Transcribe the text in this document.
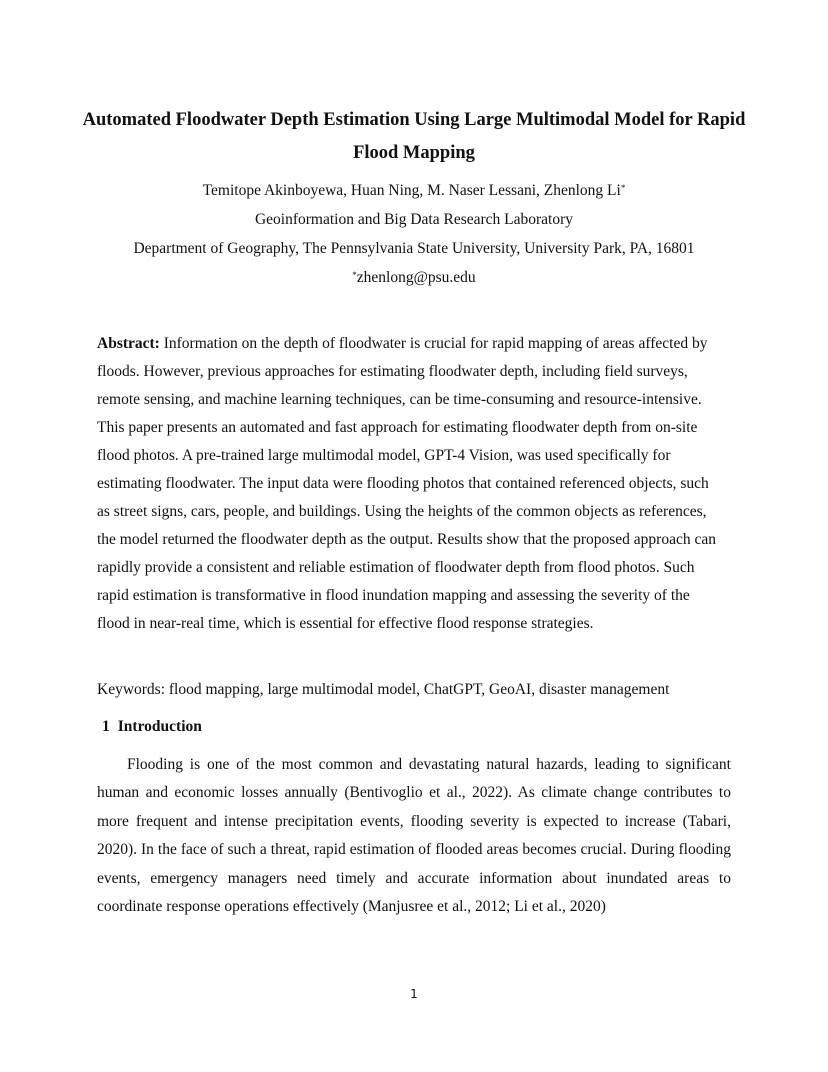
Automated Floodwater Depth Estimation Using Large Multimodal Model for Rapid Flood Mapping
Temitope Akinboyewa, Huan Ning, M. Naser Lessani, Zhenlong Li*
Geoinformation and Big Data Research Laboratory
Department of Geography, The Pennsylvania State University, University Park, PA, 16801
*zhenlong@psu.edu
Abstract: Information on the depth of floodwater is crucial for rapid mapping of areas affected by floods. However, previous approaches for estimating floodwater depth, including field surveys, remote sensing, and machine learning techniques, can be time-consuming and resource-intensive. This paper presents an automated and fast approach for estimating floodwater depth from on-site flood photos. A pre-trained large multimodal model, GPT-4 Vision, was used specifically for estimating floodwater. The input data were flooding photos that contained referenced objects, such as street signs, cars, people, and buildings. Using the heights of the common objects as references, the model returned the floodwater depth as the output. Results show that the proposed approach can rapidly provide a consistent and reliable estimation of floodwater depth from flood photos. Such rapid estimation is transformative in flood inundation mapping and assessing the severity of the flood in near-real time, which is essential for effective flood response strategies.
Keywords: flood mapping, large multimodal model, ChatGPT, GeoAI, disaster management
1 Introduction
Flooding is one of the most common and devastating natural hazards, leading to significant human and economic losses annually (Bentivoglio et al., 2022). As climate change contributes to more frequent and intense precipitation events, flooding severity is expected to increase (Tabari, 2020). In the face of such a threat, rapid estimation of flooded areas becomes crucial. During flooding events, emergency managers need timely and accurate information about inundated areas to coordinate response operations effectively (Manjusree et al., 2012; Li et al., 2020)
1
